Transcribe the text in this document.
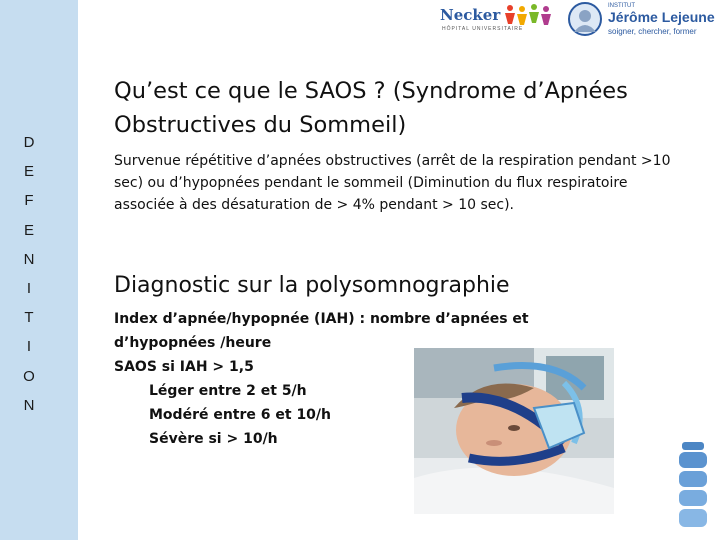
D
E
F
E
N
I
T
I
O
N
Necker
HÔPITAL UNIVERSITAIRE
INSTITUT
Jérôme Lejeune
soigner, chercher, former
Qu’est ce que le SAOS ? (Syndrome d’Apnées Obstructives du Sommeil)
Survenue répétitive d’apnées obstructives (arrêt de la respiration pendant >10 sec) ou d’hypopnées pendant le sommeil (Diminution du flux respiratoire associée à des désaturation de > 4% pendant > 10 sec).
Diagnostic sur la polysomnographie
Index d’apnée/hypopnée (IAH) : nombre d’apnées et d’hypopnées /heure
SAOS si IAH > 1,5
Léger entre 2 et 5/h
Modéré entre 6 et 10/h
Sévère si > 10/h
